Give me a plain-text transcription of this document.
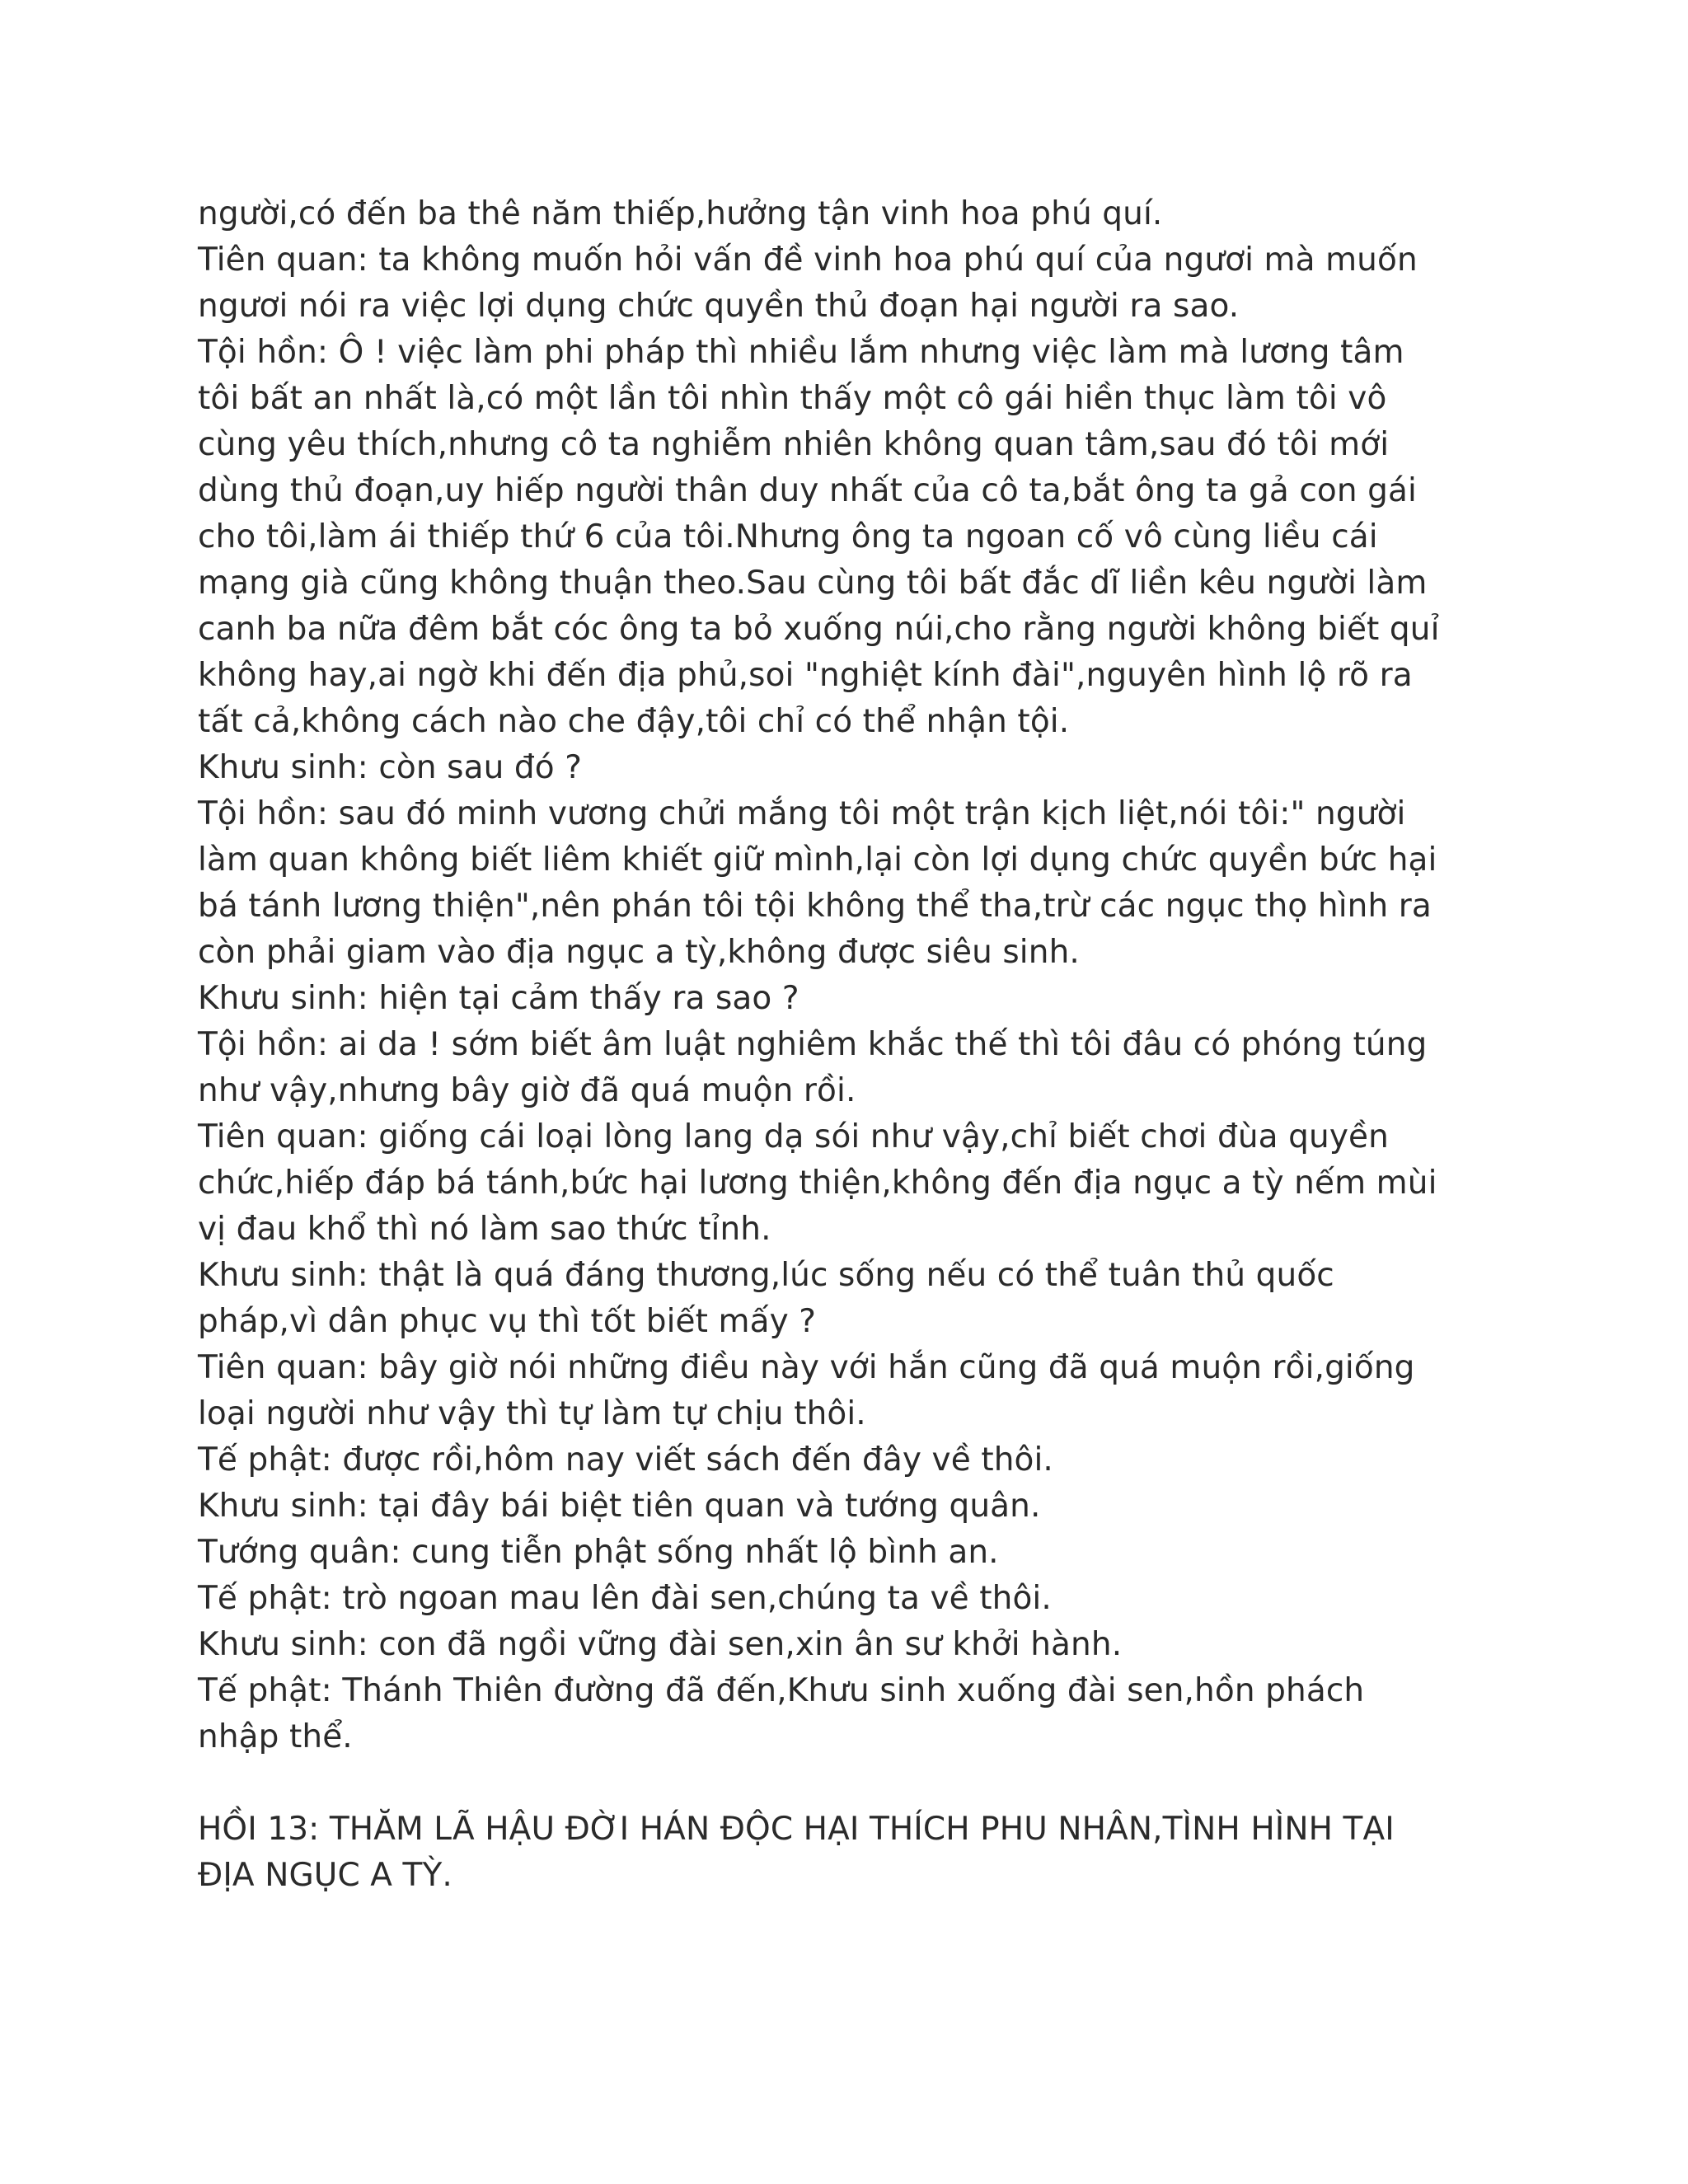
người,có đến ba thê năm thiếp,hưởng tận vinh hoa phú quí.

Tiên quan: ta không muốn hỏi vấn đề vinh hoa phú quí của ngươi mà muốn
ngươi nói ra việc lợi dụng chức quyền thủ đoạn hại người ra sao.

Tội hồn: Ô ! việc làm phi pháp thì nhiều lắm nhưng việc làm mà lương tâm
tôi bất an nhất là,có một lần tôi nhìn thấy một cô gái hiền thục làm tôi vô
cùng yêu thích,nhưng cô ta nghiễm nhiên không quan tâm,sau đó tôi mới
dùng thủ đoạn,uy hiếp người thân duy nhất của cô ta,bắt ông ta gả con gái
cho tôi,làm ái thiếp thứ 6 của tôi.Nhưng ông ta ngoan cố vô cùng liều cái
mạng già cũng không thuận theo.Sau cùng tôi bất đắc dĩ liền kêu người làm
canh ba nữa đêm bắt cóc ông ta bỏ xuống núi,cho rằng người không biết quỉ
không hay,ai ngờ khi đến địa phủ,soi "nghiệt kính đài",nguyên hình lộ rõ ra
tất cả,không cách nào che đậy,tôi chỉ có thể nhận tội.

Khưu sinh: còn sau đó ?

Tội hồn: sau đó minh vương chửi mắng tôi một trận kịch liệt,nói tôi:" người
làm quan không biết liêm khiết giữ mình,lại còn lợi dụng chức quyền bức hại
bá tánh lương thiện",nên phán tôi tội không thể tha,trừ các ngục thọ hình ra
còn phải giam vào địa ngục a tỳ,không được siêu sinh.

Khưu sinh: hiện tại cảm thấy ra sao ?

Tội hồn: ai da ! sớm biết âm luật nghiêm khắc thế thì tôi đâu có phóng túng
như vậy,nhưng bây giờ đã quá muộn rồi.

Tiên quan: giống cái loại lòng lang dạ sói như vậy,chỉ biết chơi đùa quyền
chức,hiếp đáp bá tánh,bức hại lương thiện,không đến địa ngục a tỳ nếm mùi
vị đau khổ thì nó làm sao thức tỉnh.

Khưu sinh: thật là quá đáng thương,lúc sống nếu có thể tuân thủ quốc
pháp,vì dân phục vụ thì tốt biết mấy ?

Tiên quan: bây giờ nói những điều này với hắn cũng đã quá muộn rồi,giống
loại người như vậy thì tự làm tự chịu thôi.

Tế phật: được rồi,hôm nay viết sách đến đây về thôi.

Khưu sinh: tại đây bái biệt tiên quan và tướng quân.

Tướng quân: cung tiễn phật sống nhất lộ bình an.

Tế phật: trò ngoan mau lên đài sen,chúng ta về thôi.

Khưu sinh: con đã ngồi vững đài sen,xin ân sư khởi hành.

Tế phật: Thánh Thiên đường đã đến,Khưu sinh xuống đài sen,hồn phách
nhập thể.

HỒI 13: THĂM LÃ HẬU ĐỜI HÁN ĐỘC HẠI THÍCH PHU NHÂN,TÌNH HÌNH TẠI
ĐỊA NGỤC A TỲ.
